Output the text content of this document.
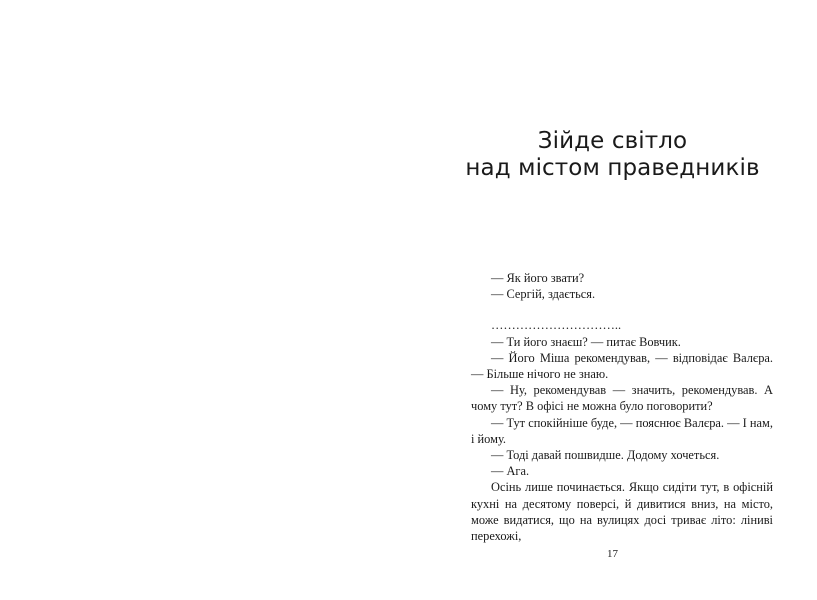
Зійде світло
над містом праведників

— Як його звати?

— Сергій, здається.

…………………………..

— Ти його знаєш? — питає Вовчик.

— Його Міша рекомендував, — відповідає Валєра. — Більше нічого не знаю.

— Ну, рекомендував — значить, рекомендував. А чому тут? В офісі не можна було поговорити?

— Тут спокійніше буде, — пояснює Валєра. — І нам, і йому.

— Тоді давай пошвидше. Додому хочеться.

— Ага.

Осінь лише починається. Якщо сидіти тут, в офісній кухні на десятому поверсі, й дивитися вниз, на місто, може видатися, що на вулицях досі триває літо: ліниві перехожі,

17
